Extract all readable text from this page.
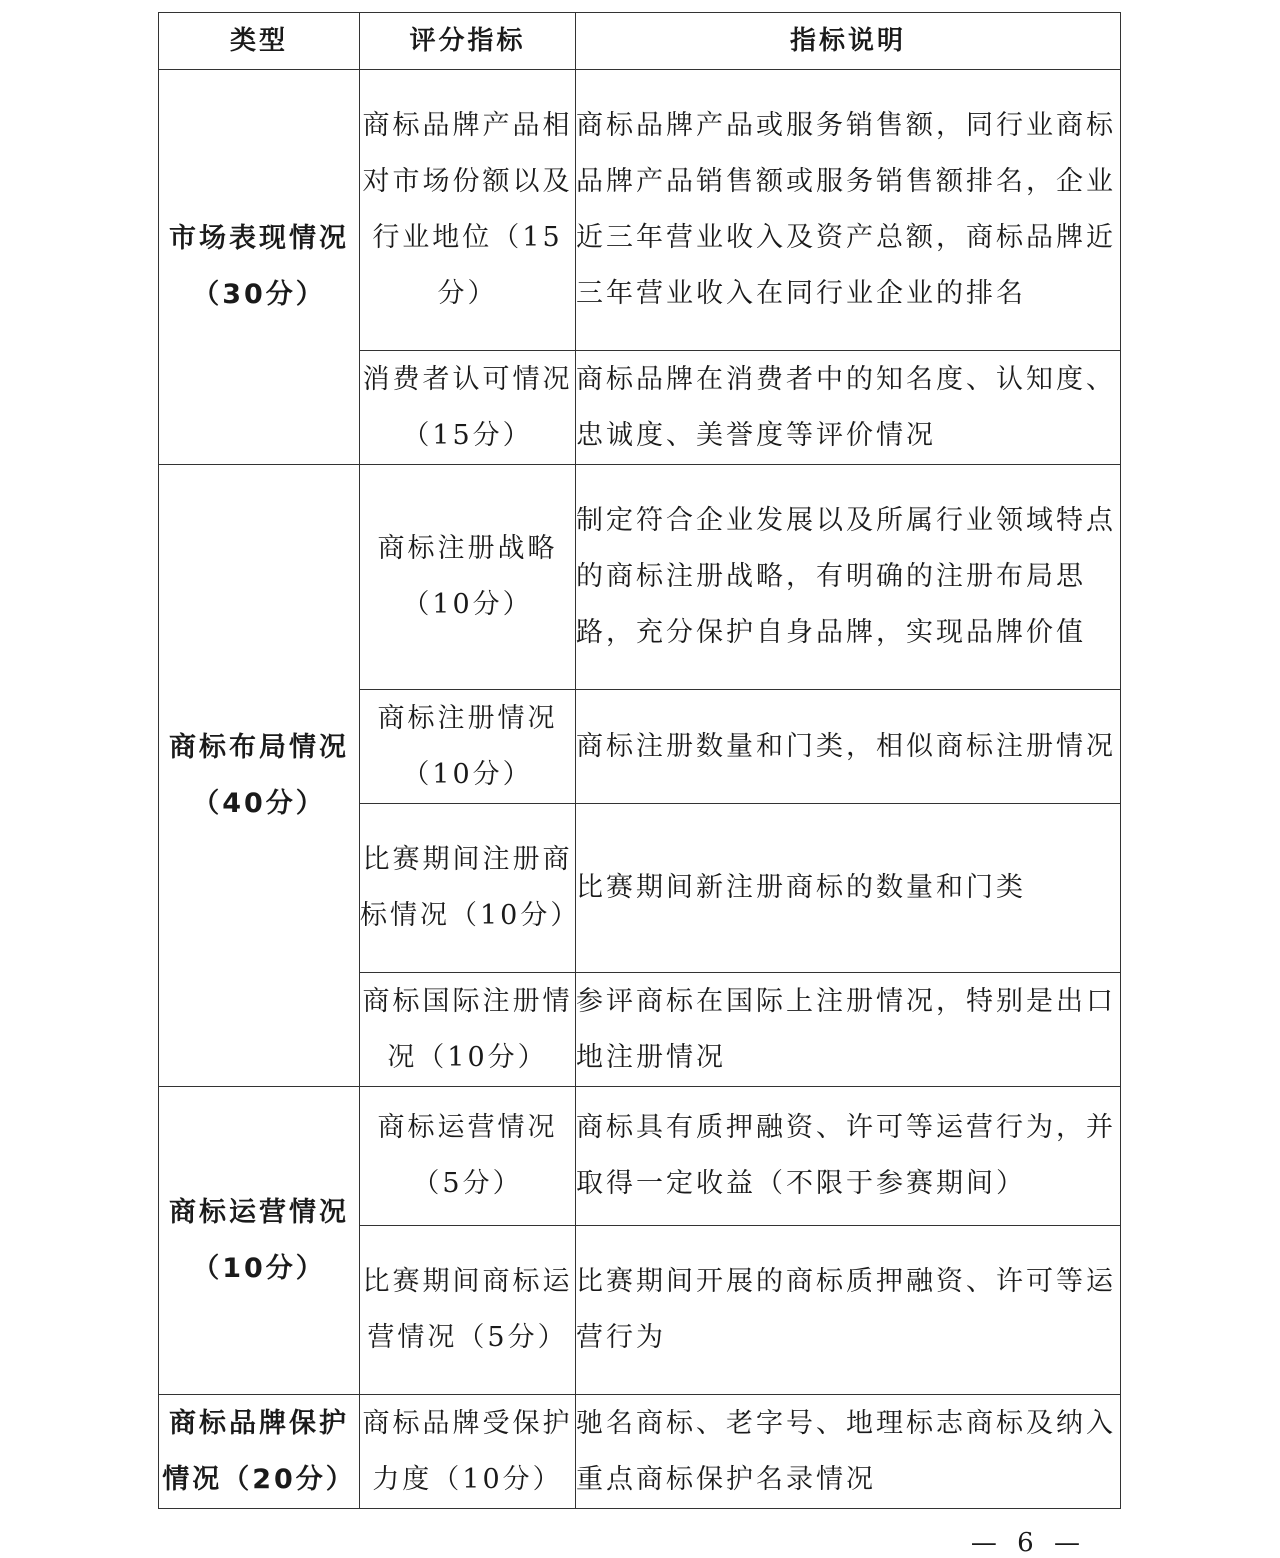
类型	评分指标	指标说明

市场表现情况
（30分）	商标品牌产品相对市场份额以及行业地位（15分）	商标品牌产品或服务销售额，同行业商标品牌产品销售额或服务销售额排名，企业近三年营业收入及资产总额，商标品牌近三年营业收入在同行业企业的排名
	消费者认可情况（15分）	商标品牌在消费者中的知名度、认知度、忠诚度、美誉度等评价情况

商标布局情况
（40分）	商标注册战略（10分）	制定符合企业发展以及所属行业领域特点的商标注册战略，有明确的注册布局思路，充分保护自身品牌，实现品牌价值
	商标注册情况（10分）	商标注册数量和门类，相似商标注册情况
	比赛期间注册商标情况（10分）	比赛期间新注册商标的数量和门类
	商标国际注册情况（10分）	参评商标在国际上注册情况，特别是出口地注册情况

商标运营情况
（10分）	商标运营情况（5分）	商标具有质押融资、许可等运营行为，并取得一定收益（不限于参赛期间）
	比赛期间商标运营情况（5分）	比赛期间开展的商标质押融资、许可等运营行为

商标品牌保护
情况（20分）	商标品牌受保护力度（10分）	驰名商标、老字号、地理标志商标及纳入重点商标保护名录情况
— 6 —
